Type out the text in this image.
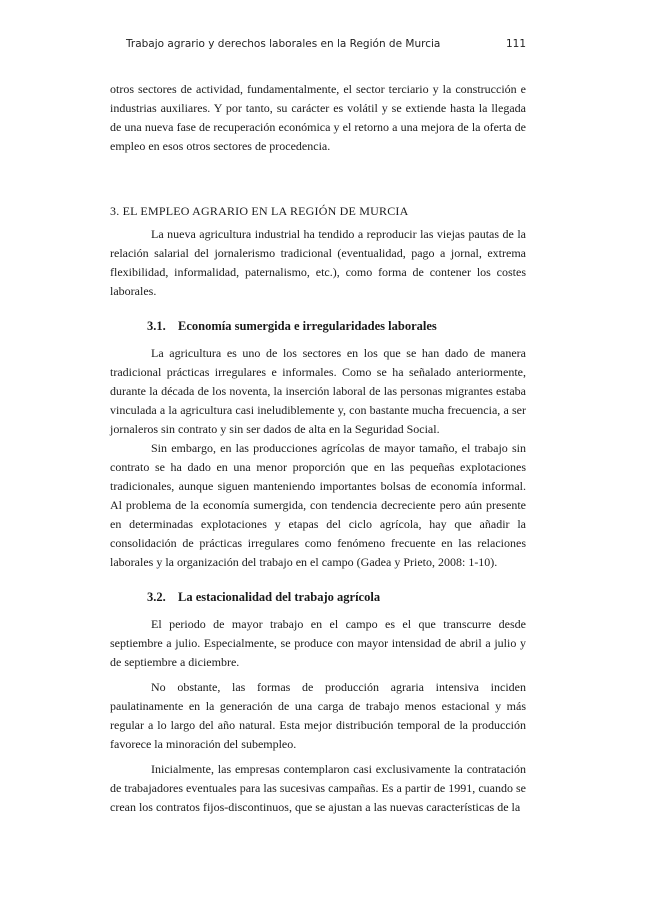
Trabajo agrario y derechos laborales en la Región de Murcia	111

otros sectores de actividad, fundamentalmente, el sector terciario y la construcción e industrias auxiliares. Y por tanto, su carácter es volátil y se extiende hasta la llegada de una nueva fase de recuperación económica y el retorno a una mejora de la oferta de empleo en esos otros sectores de procedencia.

3. EL EMPLEO AGRARIO EN LA REGIÓN DE MURCIA

La nueva agricultura industrial ha tendido a reproducir las viejas pautas de la relación salarial del jornalerismo tradicional (eventualidad, pago a jornal, extrema flexibilidad, informalidad, paternalismo, etc.), como forma de contener los costes laborales.

3.1. Economía sumergida e irregularidades laborales

La agricultura es uno de los sectores en los que se han dado de manera tradicional prácticas irregulares e informales. Como se ha señalado anteriormente, durante la década de los noventa, la inserción laboral de las personas migrantes estaba vinculada a la agricultura casi ineludiblemente y, con bastante mucha frecuencia, a ser jornaleros sin contrato y sin ser dados de alta en la Seguridad Social.

Sin embargo, en las producciones agrícolas de mayor tamaño, el trabajo sin contrato se ha dado en una menor proporción que en las pequeñas explotaciones tradicionales, aunque siguen manteniendo importantes bolsas de economía informal. Al problema de la economía sumergida, con tendencia decreciente pero aún presente en determinadas explotaciones y etapas del ciclo agrícola, hay que añadir la consolidación de prácticas irregulares como fenómeno frecuente en las relaciones laborales y la organización del trabajo en el campo (Gadea y Prieto, 2008: 1-10).

3.2. La estacionalidad del trabajo agrícola

El periodo de mayor trabajo en el campo es el que transcurre desde septiembre a julio. Especialmente, se produce con mayor intensidad de abril a julio y de septiembre a diciembre.

No obstante, las formas de producción agraria intensiva inciden paulatinamente en la generación de una carga de trabajo menos estacional y más regular a lo largo del año natural. Esta mejor distribución temporal de la producción favorece la minoración del subempleo.

Inicialmente, las empresas contemplaron casi exclusivamente la contratación de trabajadores eventuales para las sucesivas campañas. Es a partir de 1991, cuando se crean los contratos fijos-discontinuos, que se ajustan a las nuevas características de la
